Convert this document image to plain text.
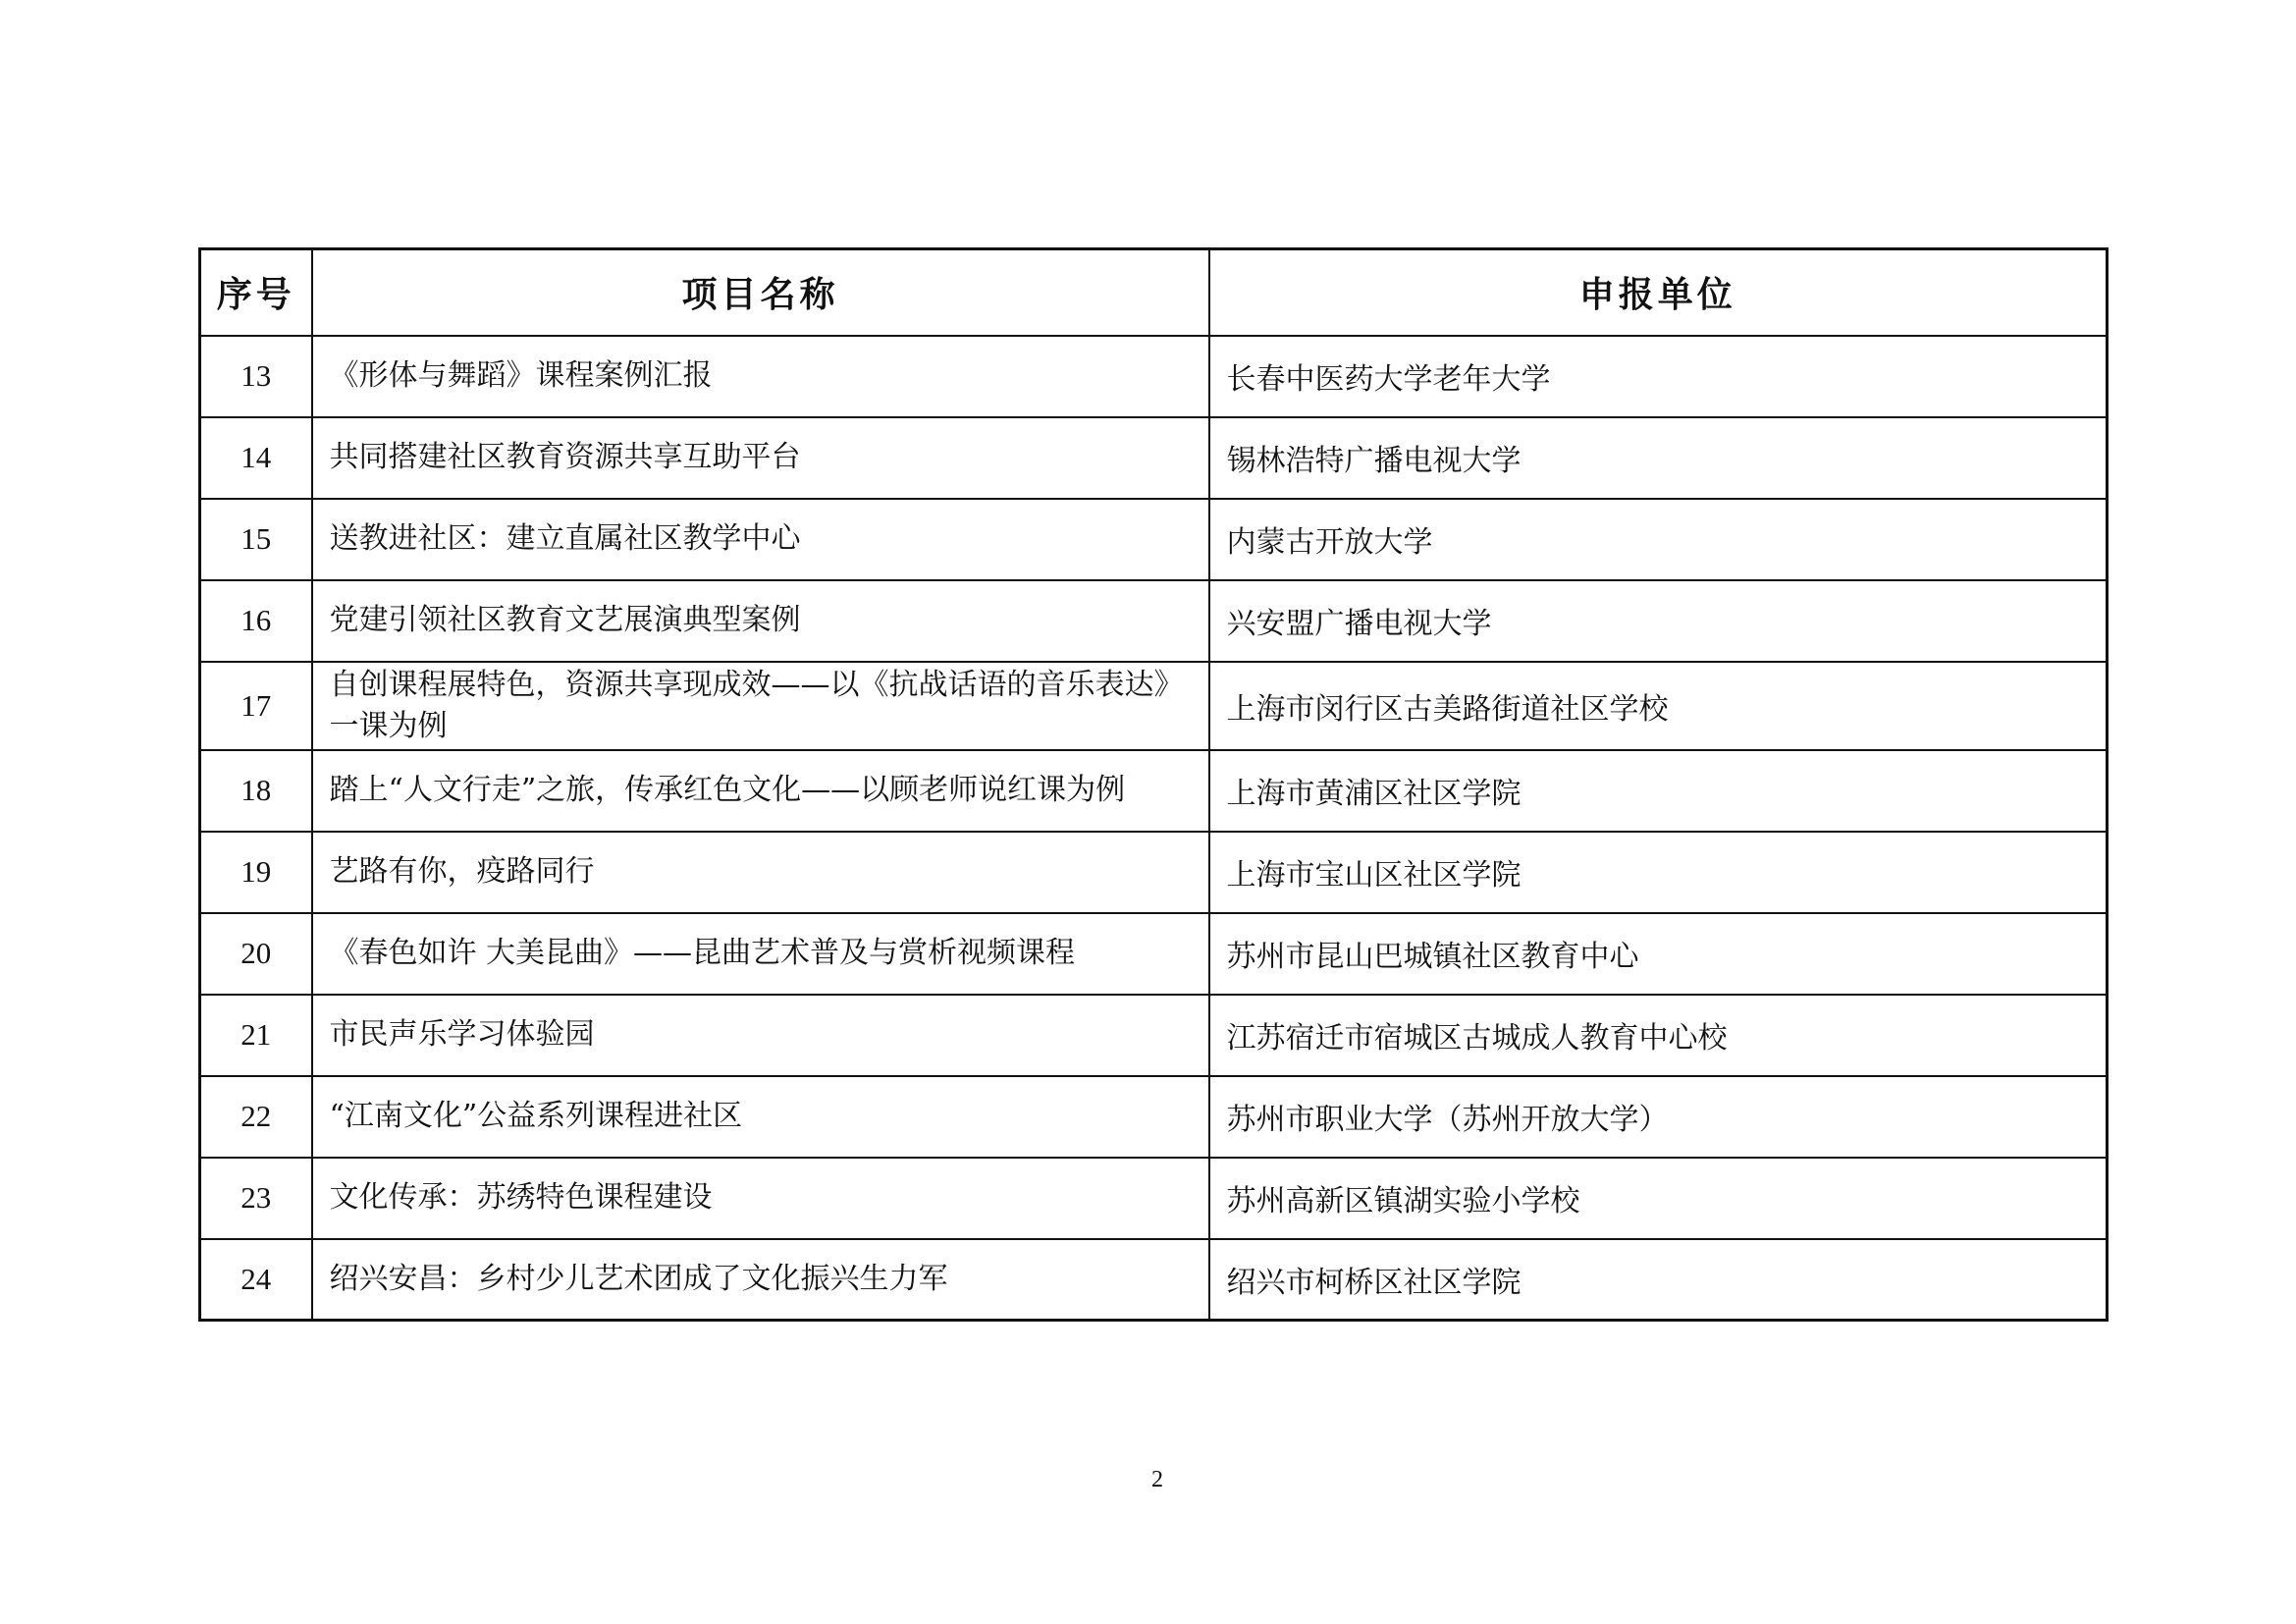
序号	项目名称	申报单位
13	《形体与舞蹈》课程案例汇报	长春中医药大学老年大学
14	共同搭建社区教育资源共享互助平台	锡林浩特广播电视大学
15	送教进社区：建立直属社区教学中心	内蒙古开放大学
16	党建引领社区教育文艺展演典型案例	兴安盟广播电视大学
17	自创课程展特色，资源共享现成效——以《抗战话语的音乐表达》一课为例	上海市闵行区古美路街道社区学校
18	踏上“人文行走”之旅，传承红色文化——以顾老师说红课为例	上海市黄浦区社区学院
19	艺路有你，疫路同行	上海市宝山区社区学院
20	《春色如许 大美昆曲》——昆曲艺术普及与赏析视频课程	苏州市昆山巴城镇社区教育中心
21	市民声乐学习体验园	江苏宿迁市宿城区古城成人教育中心校
22	“江南文化”公益系列课程进社区	苏州市职业大学（苏州开放大学）
23	文化传承：苏绣特色课程建设	苏州高新区镇湖实验小学校
24	绍兴安昌：乡村少儿艺术团成了文化振兴生力军	绍兴市柯桥区社区学院
2
